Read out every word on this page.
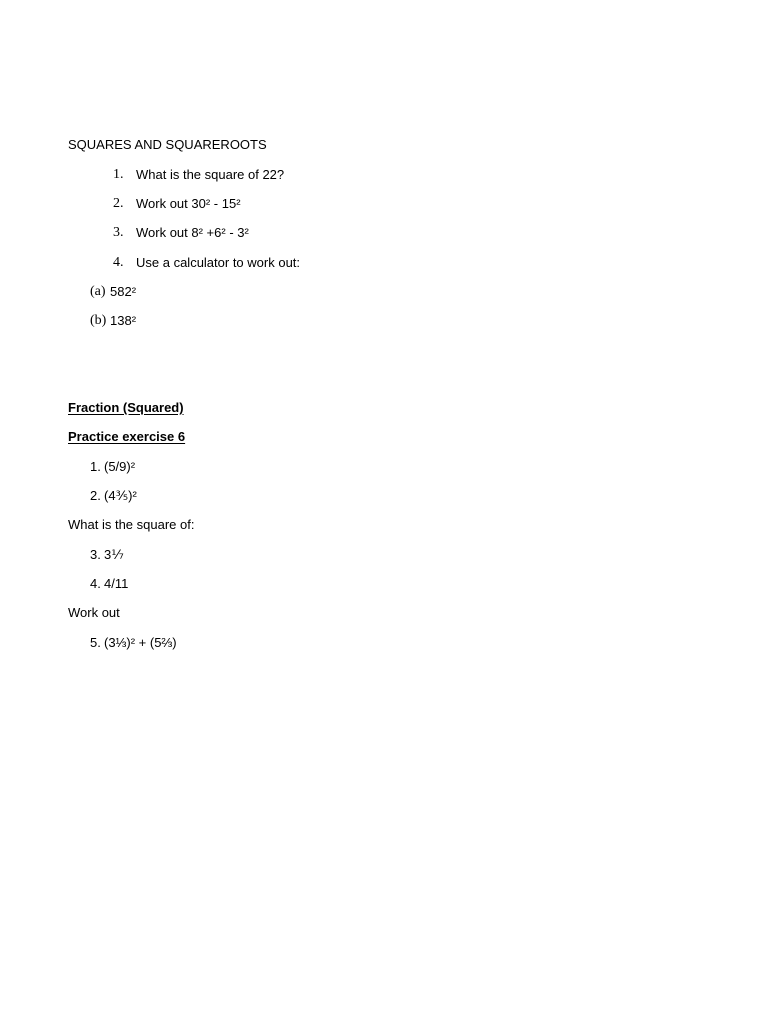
SQUARES AND SQUAREROOTS
1. What is the square of 22?
2. Work out 30² - 15²
3. Work out 8² +6² - 3²
4. Use a calculator to work out:
(a) 582²
(b) 138²
Fraction (Squared)
Practice exercise 6
1. (5/9)²
2. (4⅗)²
What is the square of:
3. 3⅐
4. 4/11
Work out
5. (3⅓)² + (5⅔)
